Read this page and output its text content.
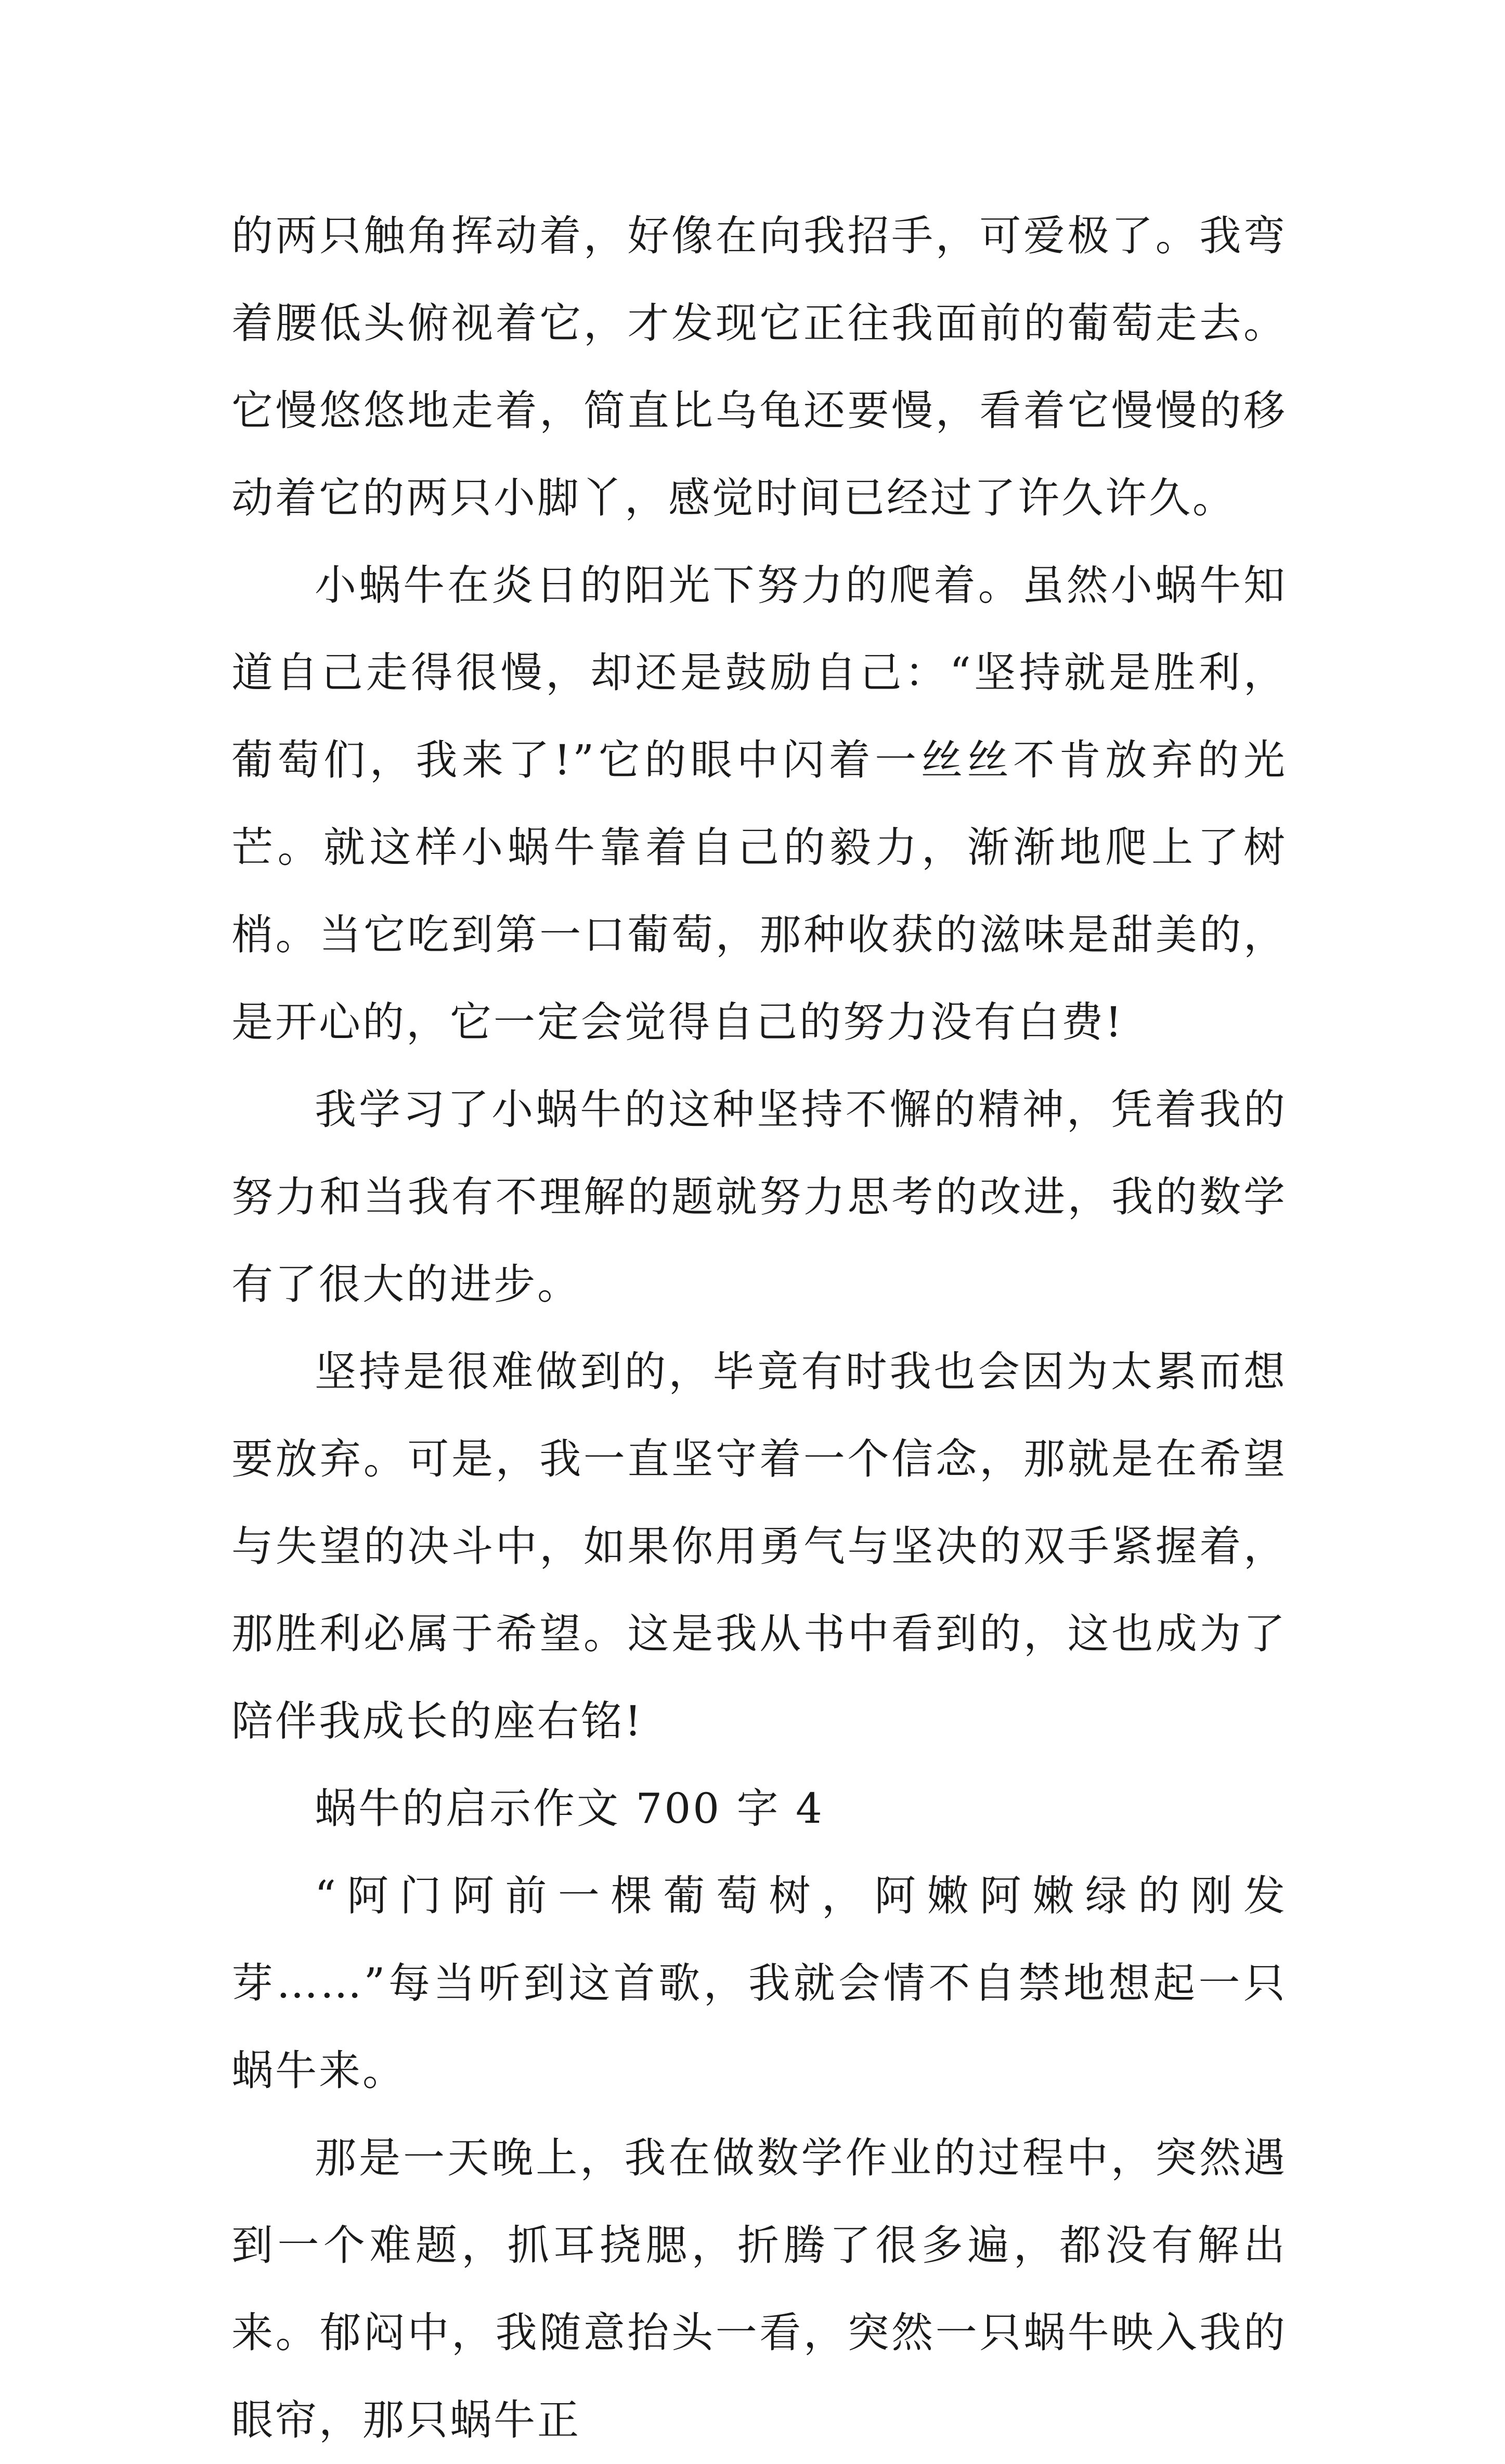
的两只触角挥动着，好像在向我招手，可爱极了。我弯着腰低头俯视着它，才发现它正往我面前的葡萄走去。它慢悠悠地走着，简直比乌龟还要慢，看着它慢慢的移动着它的两只小脚丫，感觉时间已经过了许久许久。

小蜗牛在炎日的阳光下努力的爬着。虽然小蜗牛知道自己走得很慢，却还是鼓励自己：“坚持就是胜利，葡萄们，我来了!”它的眼中闪着一丝丝不肯放弃的光芒。就这样小蜗牛靠着自己的毅力，渐渐地爬上了树梢。当它吃到第一口葡萄，那种收获的滋味是甜美的，是开心的，它一定会觉得自己的努力没有白费!

我学习了小蜗牛的这种坚持不懈的精神，凭着我的努力和当我有不理解的题就努力思考的改进，我的数学有了很大的进步。

坚持是很难做到的，毕竟有时我也会因为太累而想要放弃。可是，我一直坚守着一个信念，那就是在希望与失望的决斗中，如果你用勇气与坚决的双手紧握着，那胜利必属于希望。这是我从书中看到的，这也成为了陪伴我成长的座右铭!

蜗牛的启示作文 700 字 4

“阿门阿前一棵葡萄树，阿嫩阿嫩绿的刚发芽……”每当听到这首歌，我就会情不自禁地想起一只蜗牛来。

那是一天晚上，我在做数学作业的过程中，突然遇到一个难题，抓耳挠腮，折腾了很多遍，都没有解出来。郁闷中，我随意抬头一看，突然一只蜗牛映入我的眼帘，那只蜗牛正
